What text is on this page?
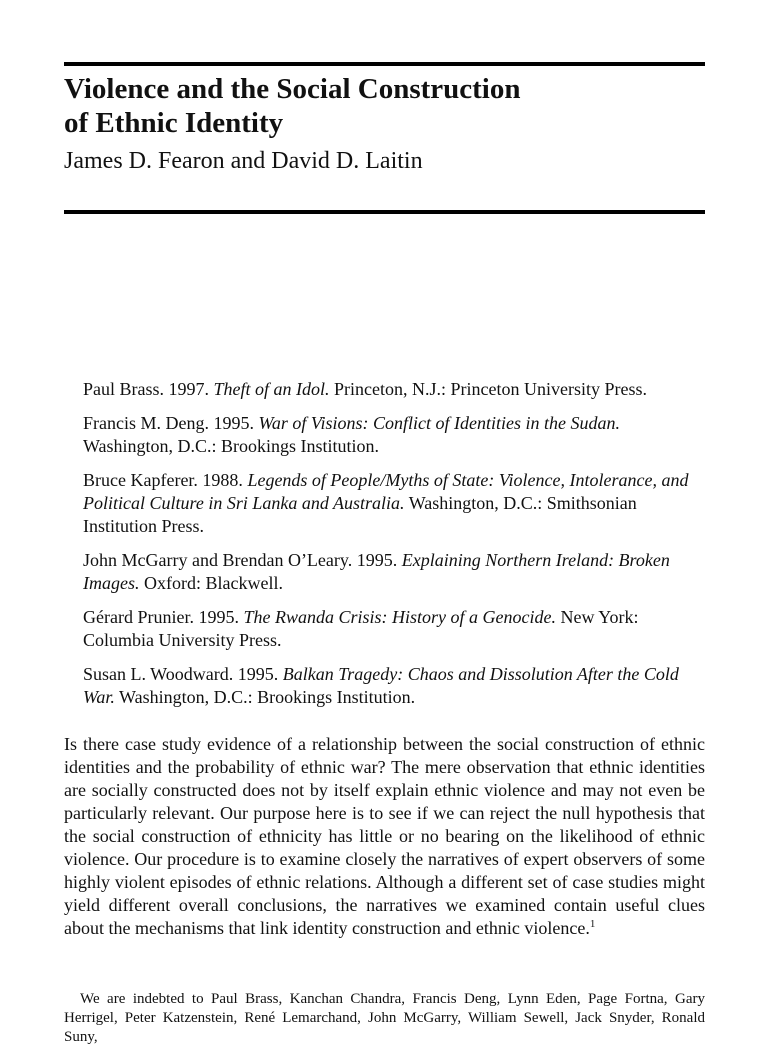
Violence and the Social Construction
of Ethnic Identity

James D. Fearon and David D. Laitin

Paul Brass. 1997. Theft of an Idol. Princeton, N.J.: Princeton University Press.

Francis M. Deng. 1995. War of Visions: Conflict of Identities in the Sudan. Washington, D.C.: Brookings Institution.

Bruce Kapferer. 1988. Legends of People/Myths of State: Violence, Intolerance, and Political Culture in Sri Lanka and Australia. Washington, D.C.: Smithsonian Institution Press.

John McGarry and Brendan O’Leary. 1995. Explaining Northern Ireland: Broken Images. Oxford: Blackwell.

Gérard Prunier. 1995. The Rwanda Crisis: History of a Genocide. New York: Columbia University Press.

Susan L. Woodward. 1995. Balkan Tragedy: Chaos and Dissolution After the Cold War. Washington, D.C.: Brookings Institution.

Is there case study evidence of a relationship between the social construction of ethnic identities and the probability of ethnic war? The mere observation that ethnic identities are socially constructed does not by itself explain ethnic violence and may not even be particularly relevant. Our purpose here is to see if we can reject the null hypothesis that the social construction of ethnicity has little or no bearing on the likelihood of ethnic violence. Our procedure is to examine closely the narratives of expert observers of some highly violent episodes of ethnic relations. Although a different set of case studies might yield different overall conclusions, the narratives we examined contain useful clues about the mechanisms that link identity construction and ethnic violence.$^1$

We are indebted to Paul Brass, Kanchan Chandra, Francis Deng, Lynn Eden, Page Fortna, Gary Herrigel, Peter Katzenstein, René Lemarchand, John McGarry, William Sewell, Jack Snyder, Ronald Suny,
